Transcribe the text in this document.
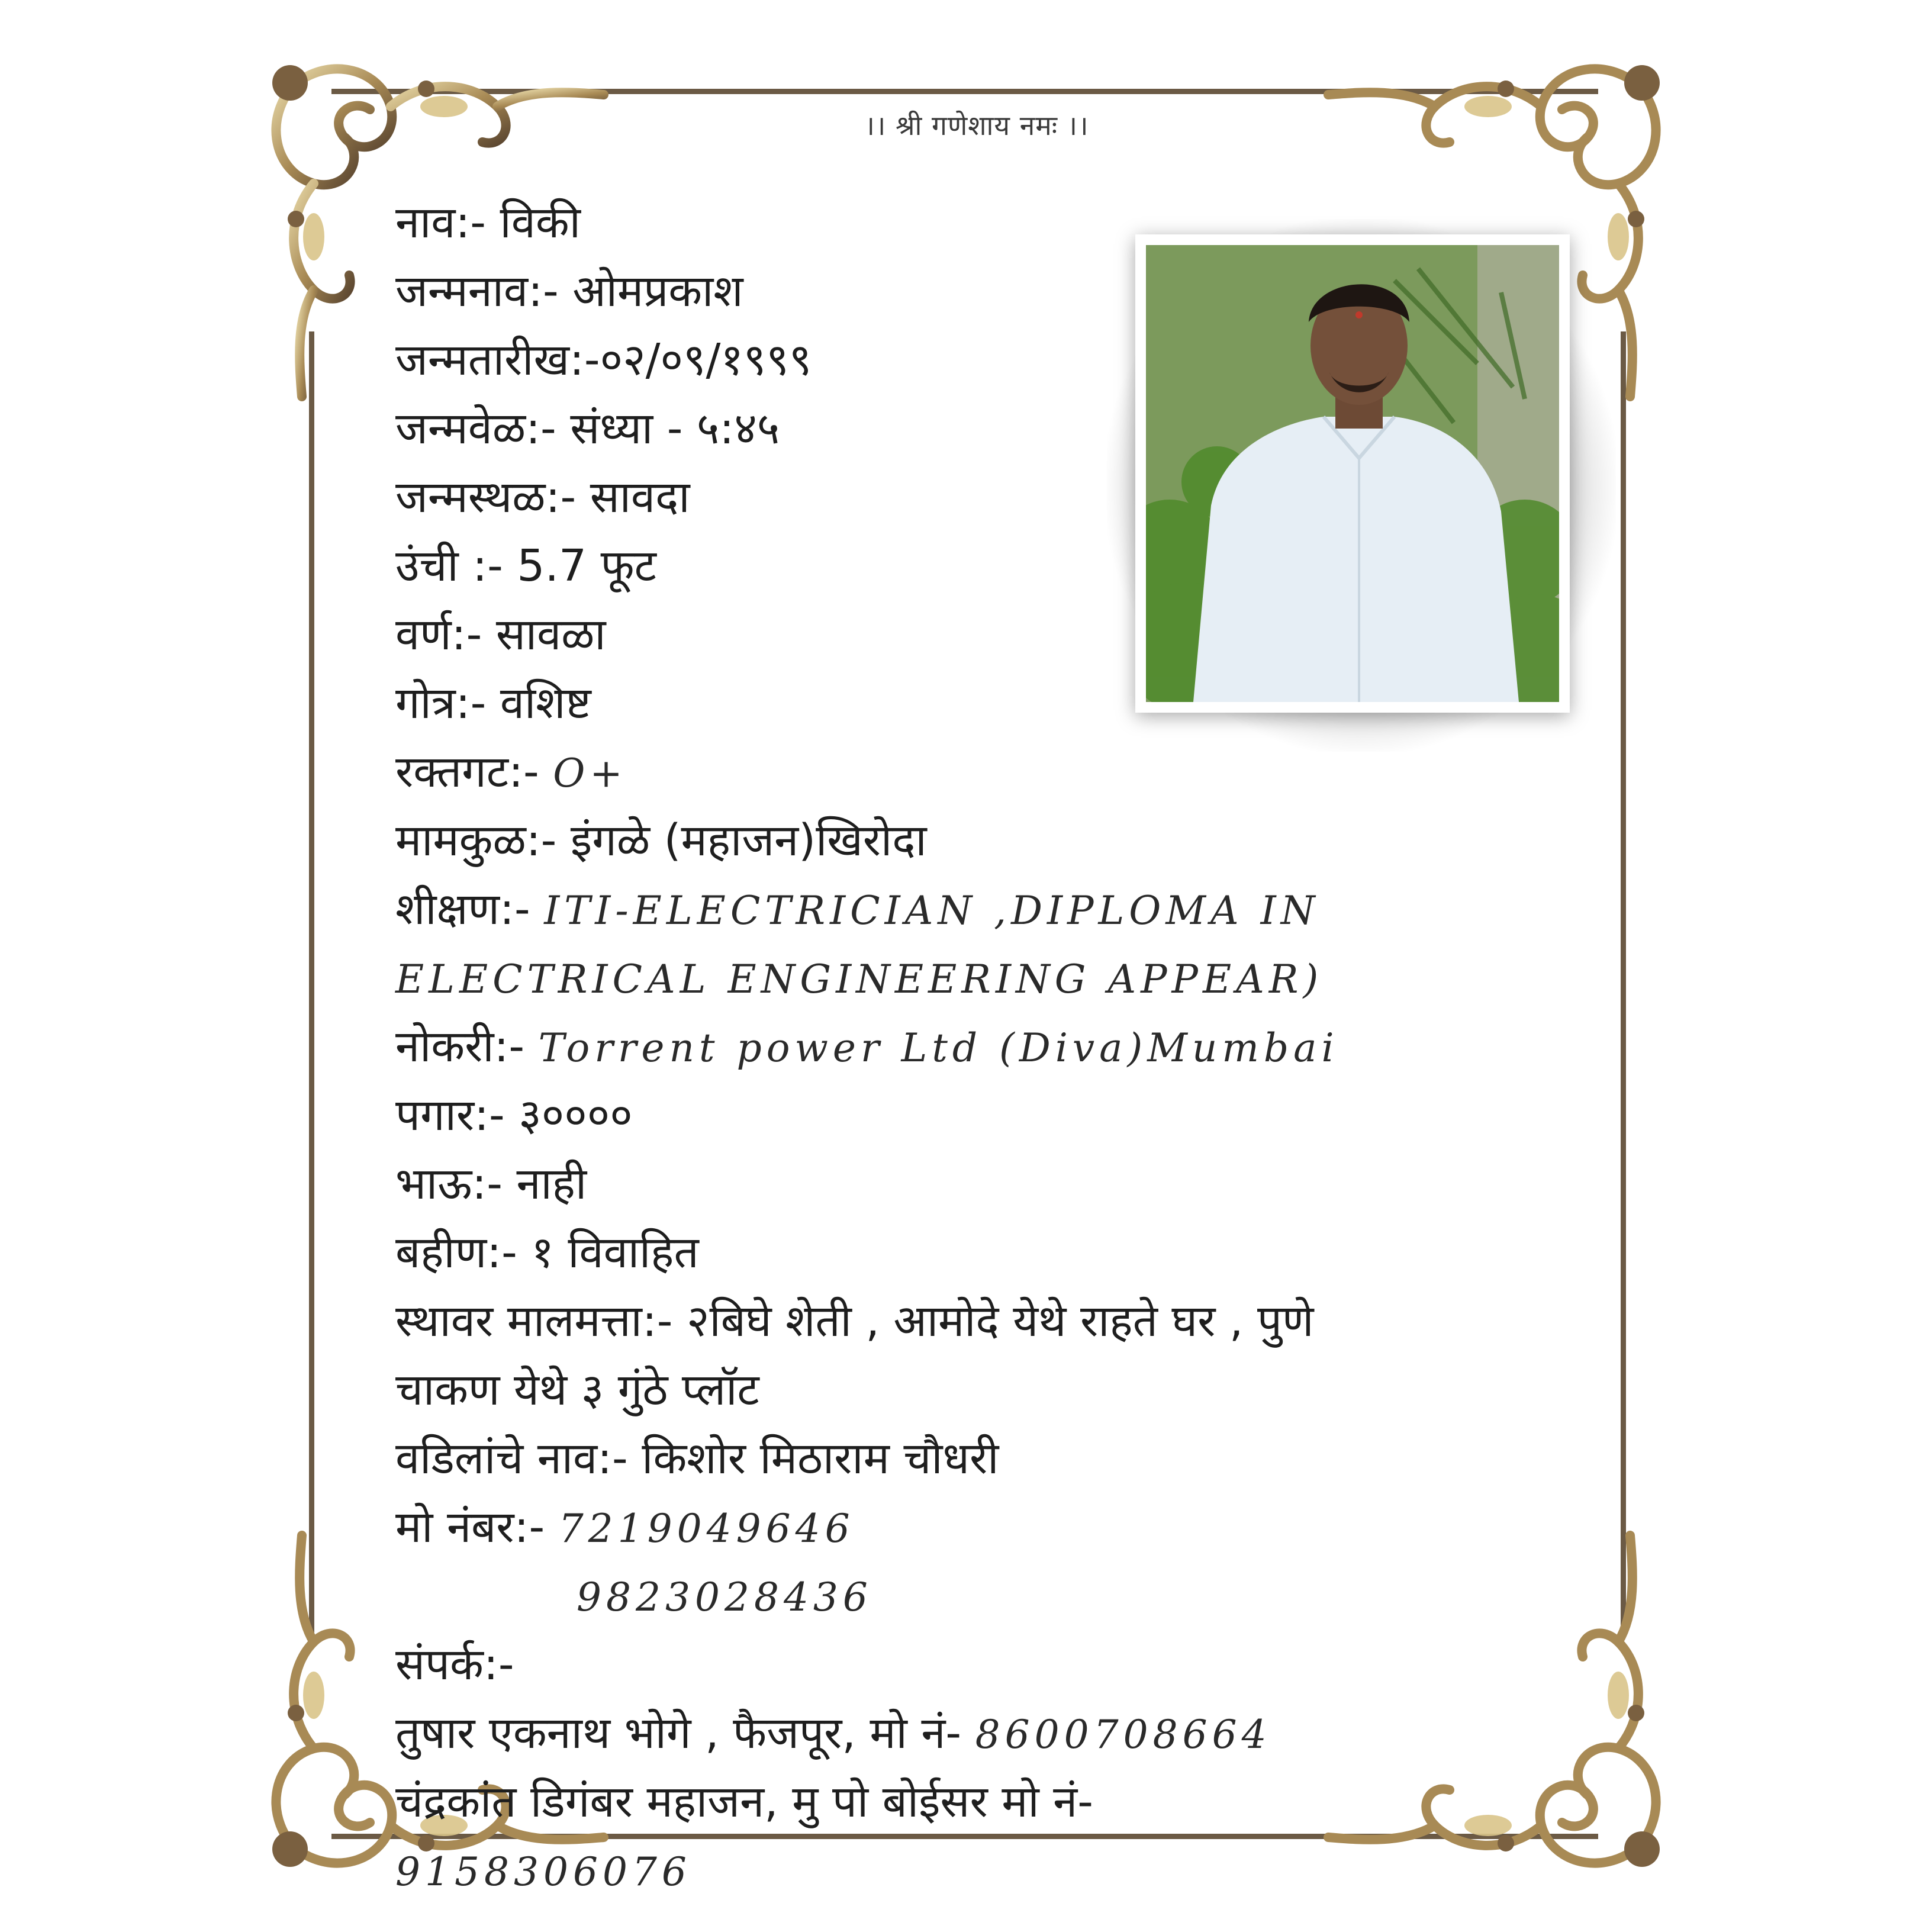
।। श्री गणेशाय नमः ।।
नाव:- विकी
जन्मनाव:- ओमप्रकाश
जन्मतारीख:-०२/०९/१९९९
जन्मवेळ:- संध्या - ५:४५
जन्मस्थळ:- सावदा
उंची :- 5.7 फूट
वर्ण:- सावळा
गोत्र:- वशिष्ट
रक्तगट:- O+
मामकुळ:- इंगळे (महाजन)खिरोदा
शीक्षण:- ITI-ELECTRICIAN ,DIPLOMA IN
ELECTRICAL ENGINEERING APPEAR)
नोकरी:- Torrent power Ltd (Diva)Mumbai
पगार:- ३००००
भाऊ:- नाही
बहीण:- १ विवाहित
स्थावर मालमत्ता:- २बिघे शेती , आमोदे येथे राहते घर , पुणे
चाकण येथे ३ गुंठे प्लॉट
वडिलांचे नाव:- किशोर मिठाराम चौधरी
मो नंबर:- 7219049646
9823028436
संपर्क:-
तुषार एकनाथ भोगे , फैजपूर, मो नं- 8600708664
चंद्रकांत डिगंबर महाजन, मु पो बोईसर मो नं-
9158306076
